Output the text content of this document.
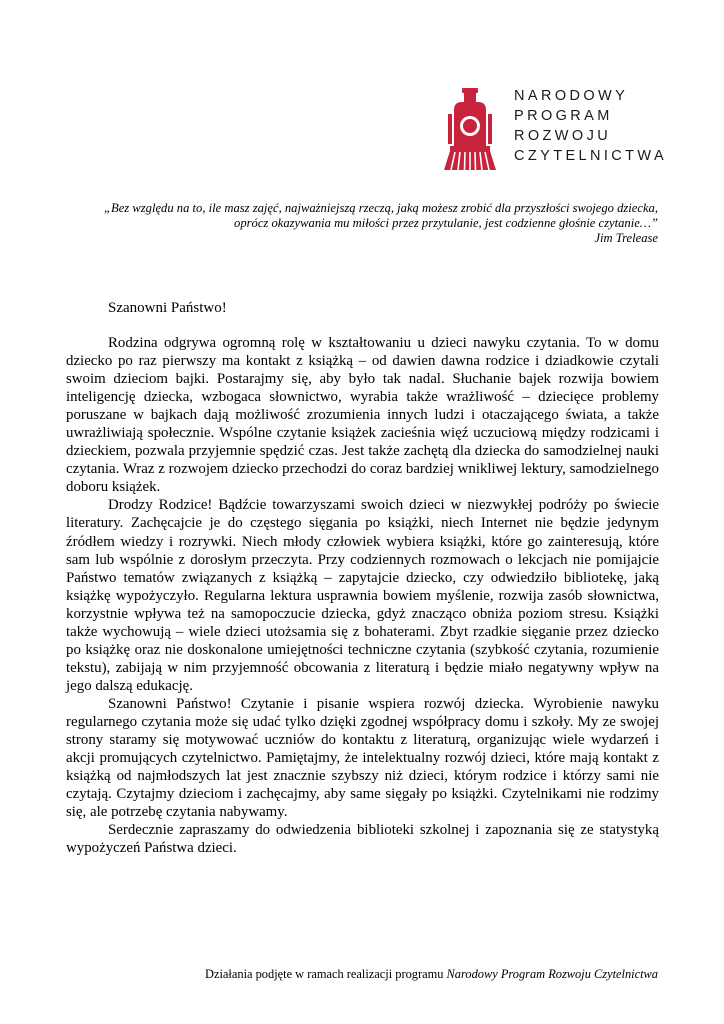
NARODOWY
PROGRAM
ROZWOJU
CZYTELNICTWA
„Bez względu na to, ile masz zajęć, najważniejszą rzeczą, jaką możesz zrobić dla przyszłości swojego dziecka,
oprócz okazywania mu miłości przez przytulanie, jest codzienne głośnie czytanie…”
Jim Trelease
Szanowni Państwo!

Rodzina odgrywa ogromną rolę w kształtowaniu u dzieci nawyku czytania. To w domu dziecko po raz pierwszy ma kontakt z książką – od dawien dawna rodzice i dziadkowie czytali swoim dzieciom bajki. Postarajmy się, aby było tak nadal. Słuchanie bajek rozwija bowiem inteligencję dziecka, wzbogaca słownictwo, wyrabia także wrażliwość – dziecięce problemy poruszane w bajkach dają możliwość zrozumienia innych ludzi i otaczającego świata, a także uwrażliwiają społecznie. Wspólne czytanie książek zacieśnia więź uczuciową między rodzicami i dzieckiem, pozwala przyjemnie spędzić czas. Jest także zachętą dla dziecka do samodzielnej nauki czytania. Wraz z rozwojem dziecko przechodzi do coraz bardziej wnikliwej lektury, samodzielnego doboru książek.

Drodzy Rodzice! Bądźcie towarzyszami swoich dzieci w niezwykłej podróży po świecie literatury. Zachęcajcie je do częstego sięgania po książki, niech Internet nie będzie jedynym źródłem wiedzy i rozrywki. Niech młody człowiek wybiera książki, które go zainteresują, które sam lub wspólnie z dorosłym przeczyta. Przy codziennych rozmowach o lekcjach nie pomijajcie Państwo tematów związanych z książką – zapytajcie dziecko, czy odwiedziło bibliotekę, jaką książkę wypożyczyło. Regularna lektura usprawnia bowiem myślenie, rozwija zasób słownictwa, korzystnie wpływa też na samopoczucie dziecka, gdyż znacząco obniża poziom stresu. Książki także wychowują – wiele dzieci utożsamia się z bohaterami. Zbyt rzadkie sięganie przez dziecko po książkę oraz nie doskonalone umiejętności techniczne czytania (szybkość czytania, rozumienie tekstu), zabijają w nim przyjemność obcowania z literaturą i będzie miało negatywny wpływ na jego dalszą edukację.

Szanowni Państwo! Czytanie i pisanie wspiera rozwój dziecka. Wyrobienie nawyku regularnego czytania może się udać tylko dzięki zgodnej współpracy domu i szkoły. My ze swojej strony staramy się motywować uczniów do kontaktu z literaturą, organizując wiele wydarzeń i akcji promujących czytelnictwo. Pamiętajmy, że intelektualny rozwój dzieci, które mają kontakt z książką od najmłodszych lat jest znacznie szybszy niż dzieci, którym rodzice i którzy sami nie czytają. Czytajmy dzieciom i zachęcajmy, aby same sięgały po książki. Czytelnikami nie rodzimy się, ale potrzebę czytania nabywamy.

Serdecznie zapraszamy do odwiedzenia biblioteki szkolnej i zapoznania się ze statystyką wypożyczeń Państwa dzieci.

Działania podjęte w ramach realizacji programu Narodowy Program Rozwoju Czytelnictwa
